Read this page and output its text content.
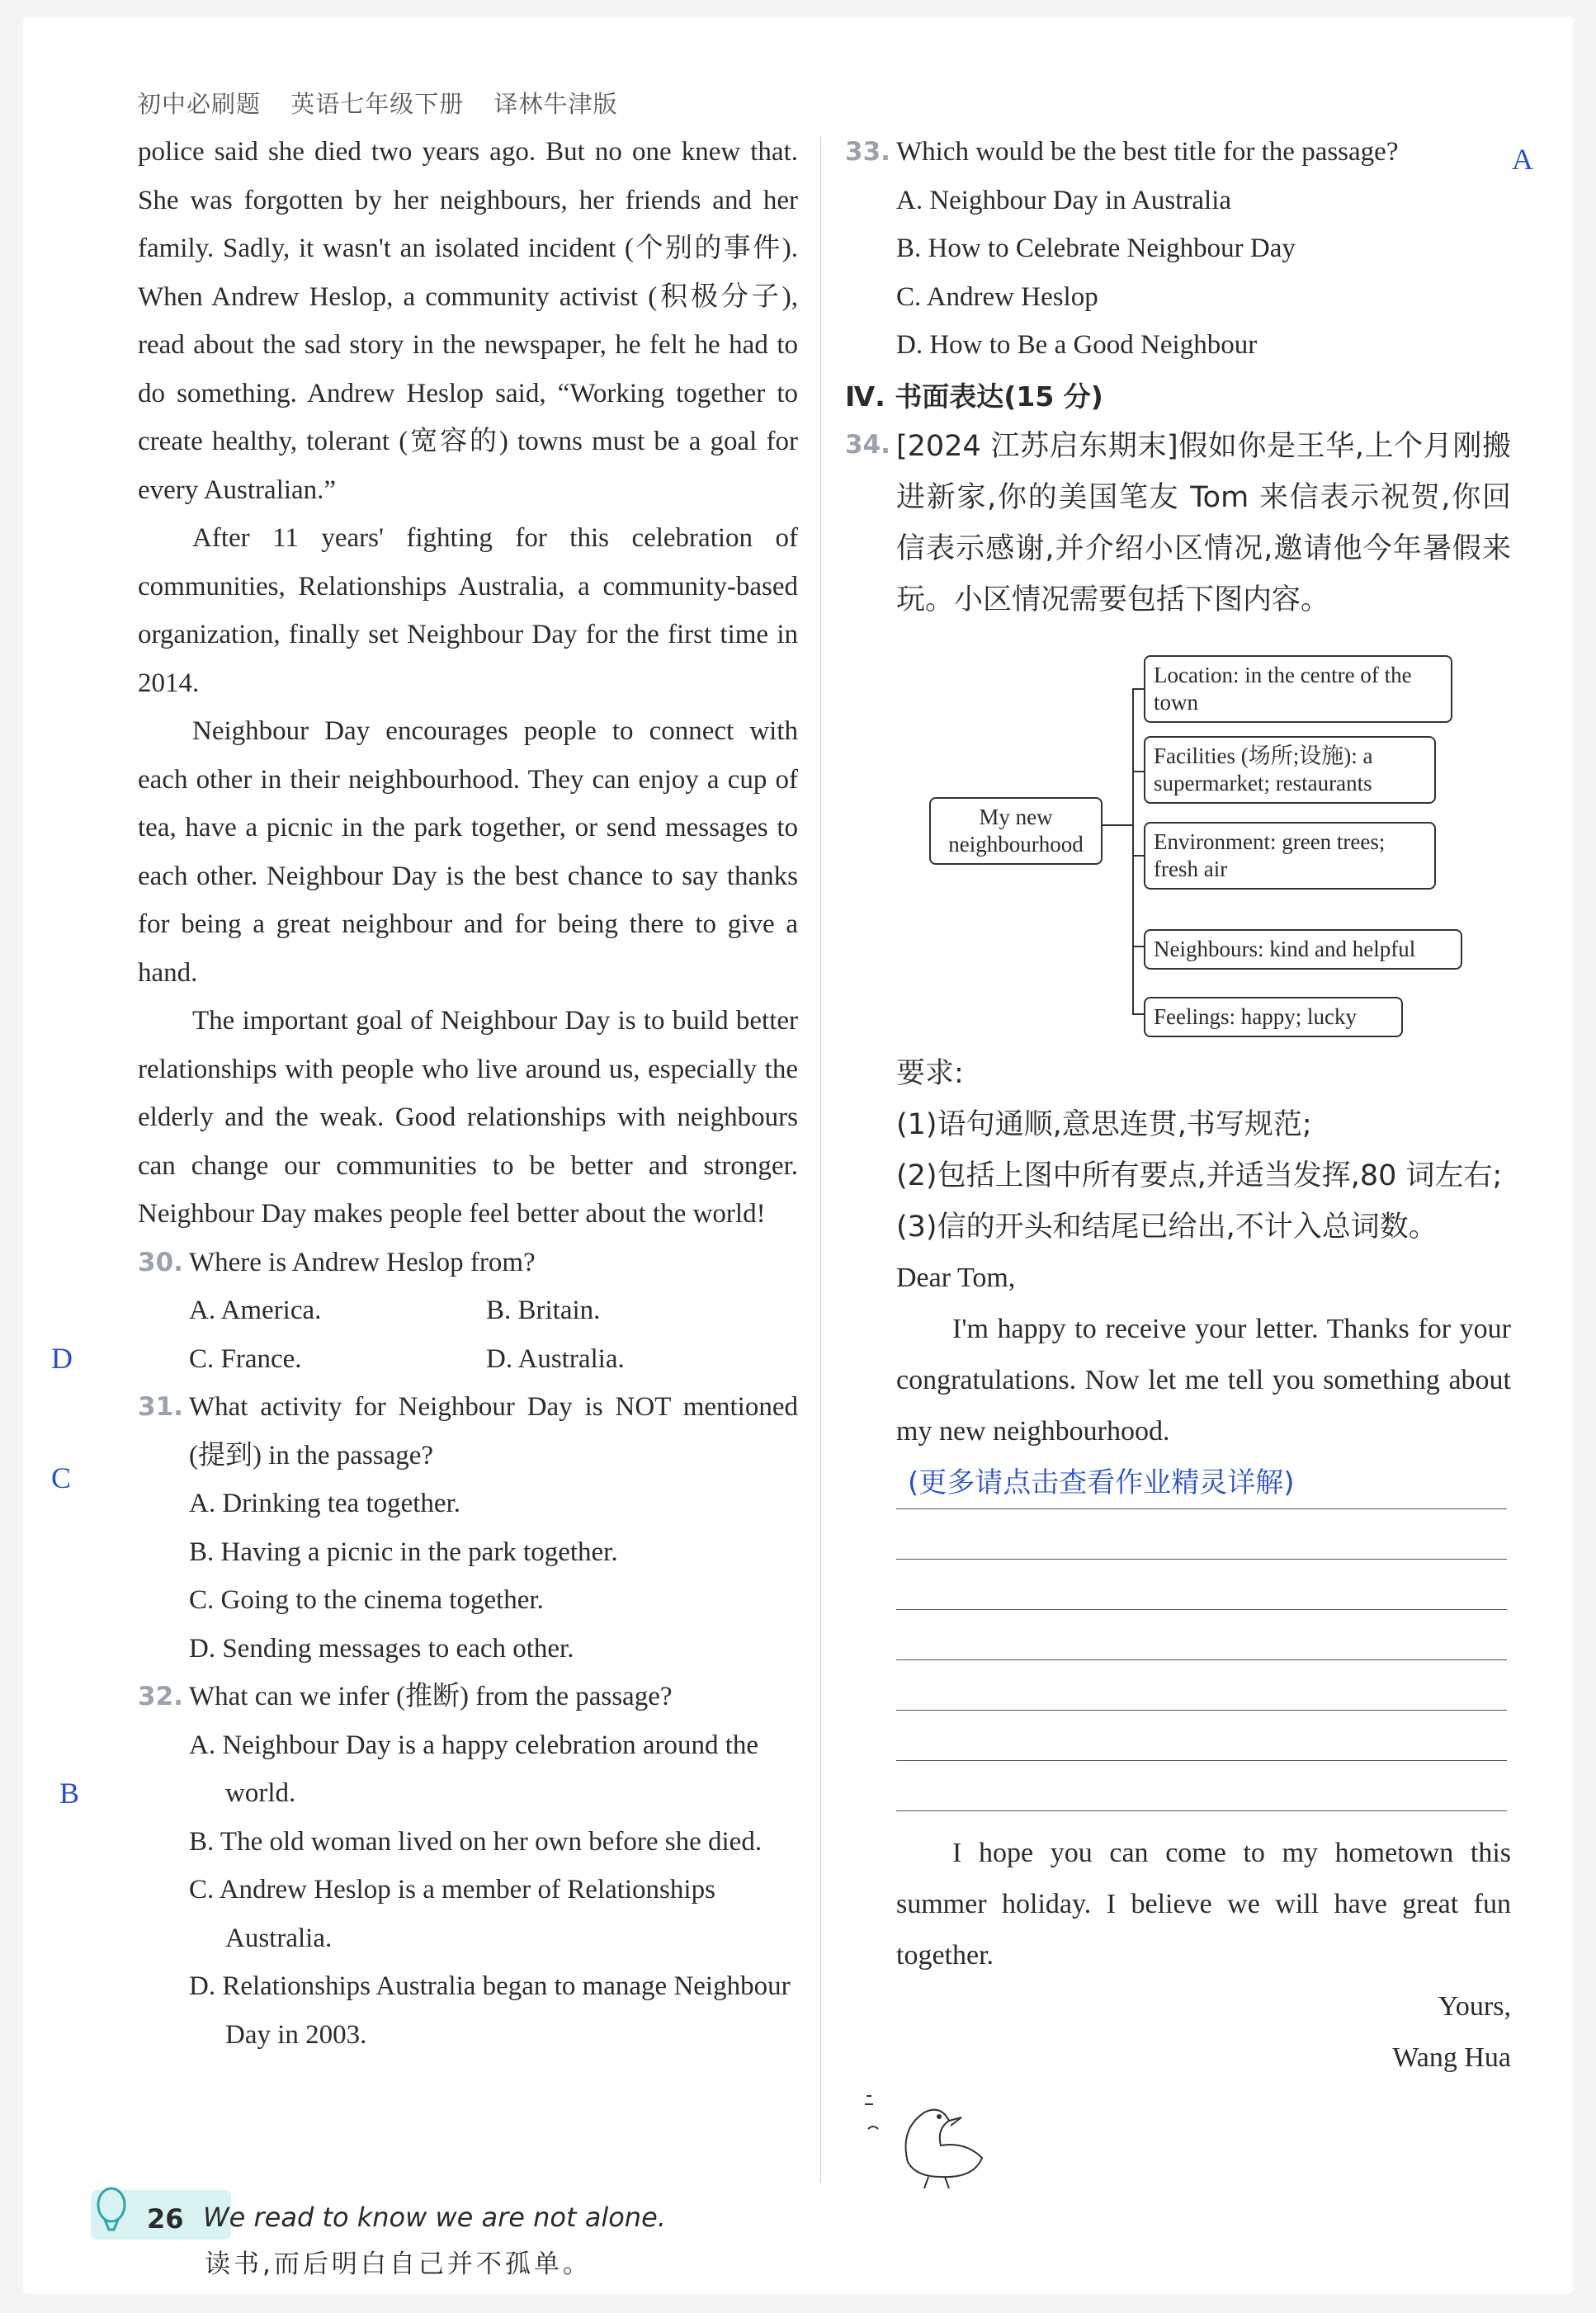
初中必刷题 英语七年级下册 译林牛津版

police said she died two years ago. But no one knew that. She was forgotten by her neighbours, her friends and her family. Sadly, it wasn't an isolated incident (个别的事件). When Andrew Heslop, a community activist (积极分子), read about the sad story in the newspaper, he felt he had to do something. Andrew Heslop said, “Working together to create healthy, tolerant (宽容的) towns must be a goal for every Australian.”

After 11 years' fighting for this celebration of communities, Relationships Australia, a community-based organization, finally set Neighbour Day for the first time in 2014.

Neighbour Day encourages people to connect with each other in their neighbourhood. They can enjoy a cup of tea, have a picnic in the park together, or send messages to each other. Neighbour Day is the best chance to say thanks for being a great neighbour and for being there to give a hand.

The important goal of Neighbour Day is to build better relationships with people who live around us, especially the elderly and the weak. Good relationships with neighbours can change our communities to be better and stronger. Neighbour Day makes people feel better about the world!

30. Where is Andrew Heslop from?
A. America.	B. Britain.
C. France.	D. Australia.
31. What activity for Neighbour Day is NOT mentioned (提到) in the passage?

A. Drinking tea together.

B. Having a picnic in the park together.

C. Going to the cinema together.

D. Sending messages to each other.

32. What can we infer (推断) from the passage?

A. Neighbour Day is a happy celebration around the world.

B. The old woman lived on her own before she died.

C. Andrew Heslop is a member of Relationships Australia.

D. Relationships Australia began to manage Neighbour Day in 2003.

D
C
B
A
33. Which would be the best title for the passage?

A. Neighbour Day in Australia

B. How to Celebrate Neighbour Day

C. Andrew Heslop

D. How to Be a Good Neighbour

Ⅳ. 书面表达(15 分)

34. [2024 江苏启东期末]假如你是王华,上个月刚搬进新家,你的美国笔友 Tom 来信表示祝贺,你回信表示感谢,并介绍小区情况,邀请他今年暑假来玩。小区情况需要包括下图内容。
My new neighbourhood
Location: in the centre of the town
Facilities (场所;设施): a supermarket; restaurants
Environment: green trees; fresh air
Neighbours: kind and helpful
Feelings: happy; lucky

要求:

(1)语句通顺,意思连贯,书写规范;

(2)包括上图中所有要点,并适当发挥,80 词左右;

(3)信的开头和结尾已给出,不计入总词数。

Dear Tom,

I'm happy to receive your letter. Thanks for your congratulations. Now let me tell you something about my new neighbourhood.

(更多请点击查看作业精灵详解)

I hope you can come to my hometown this summer holiday. I believe we will have great fun together.

Yours,

Wang Hua

26 We read to know we are not alone.
读书,而后明白自己并不孤单。
